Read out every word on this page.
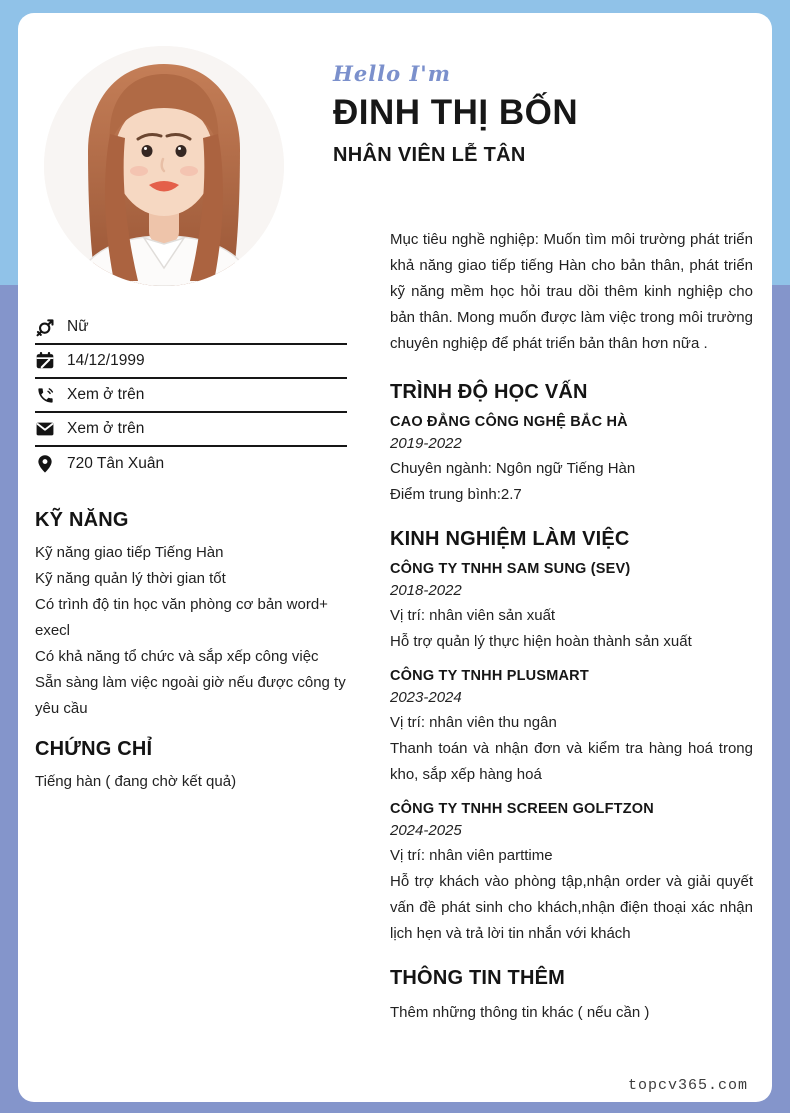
Hello I'm
ĐINH THỊ BỐN
NHÂN VIÊN LỄ TÂN
Nữ
14/12/1999
Xem ở trên
Xem ở trên
720 Tân Xuân
KỸ NĂNG
Kỹ năng giao tiếp Tiếng Hàn
Kỹ năng quản lý thời gian tốt
Có trình độ tin học văn phòng cơ bản word+ execl
Có khả năng tổ chức và sắp xếp công việc
Sẵn sàng làm việc ngoài giờ nếu được công ty yêu cầu
CHỨNG CHỈ
Tiếng hàn ( đang chờ kết quả)
Mục tiêu nghề nghiệp: Muốn tìm môi trường phát triển khả năng giao tiếp tiếng Hàn cho bản thân, phát triển kỹ năng mềm học hỏi trau dồi thêm kinh nghiệp cho bản thân. Mong muốn được làm việc trong môi trường chuyên nghiệp để phát triển bản thân hơn nữa .
TRÌNH ĐỘ HỌC VẤN
CAO ĐẲNG CÔNG NGHỆ BẮC HÀ
2019-2022
Chuyên ngành: Ngôn ngữ Tiếng Hàn
Điểm trung bình:2.7
KINH NGHIỆM LÀM VIỆC
CÔNG TY TNHH SAM SUNG (SEV)
2018-2022
Vị trí: nhân viên sản xuất
Hỗ trợ quản lý thực hiện hoàn thành sản xuất
CÔNG TY TNHH PLUSMART
2023-2024
Vị trí: nhân viên thu ngân
Thanh toán và nhận đơn và kiểm tra hàng hoá trong kho, sắp xếp hàng hoá
CÔNG TY TNHH SCREEN GOLFTZON
2024-2025
Vị trí: nhân viên parttime
Hỗ trợ khách vào phòng tập,nhận order và giải quyết vấn đề phát sinh cho khách,nhận điện thoại xác nhận lịch hẹn và trả lời tin nhắn với khách
THÔNG TIN THÊM
Thêm những thông tin khác ( nếu cần )
topcv365.com
